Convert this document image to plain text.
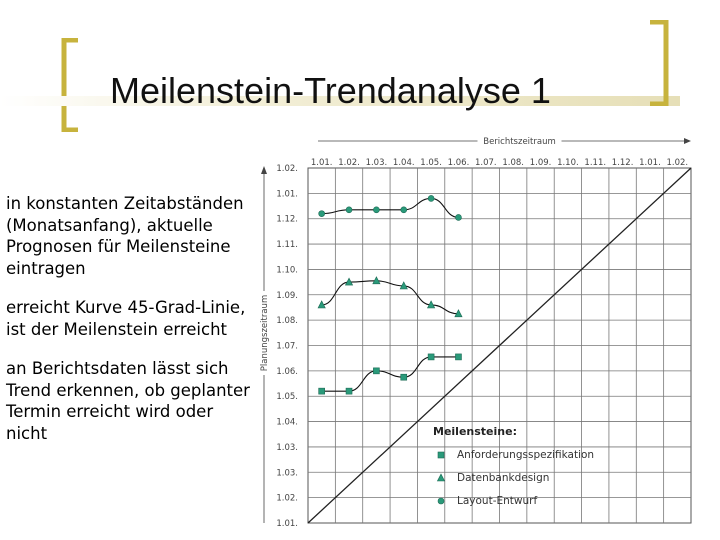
Meilenstein-Trendanalyse 1

in konstanten Zeitabständen (Monatsanfang), aktuelle Prognosen für Meilensteine eintragen

erreicht Kurve 45-Grad-Linie, ist der Meilenstein erreicht

an Berichtsdaten lässt sich Trend erkennen, ob geplanter Termin erreicht wird oder nicht

1.01. 1.02. 1.03. 1.04. 1.05. 1.06. 1.07. 1.08. 1.09. 1.10. 1.11. 1.12. 1.01. 1.02.
Berichtszeitraum
1.01.
1.02.
1.03.
1.03.
1.04.
1.05.
1.06.
1.07.
1.08.
1.09.
1.10.
1.11.
1.12.
1.01.
1.02.
Planungszeitraum
Meilensteine:
Anforderungsspezifikation
Datenbankdesign
Layout-Entwurf
